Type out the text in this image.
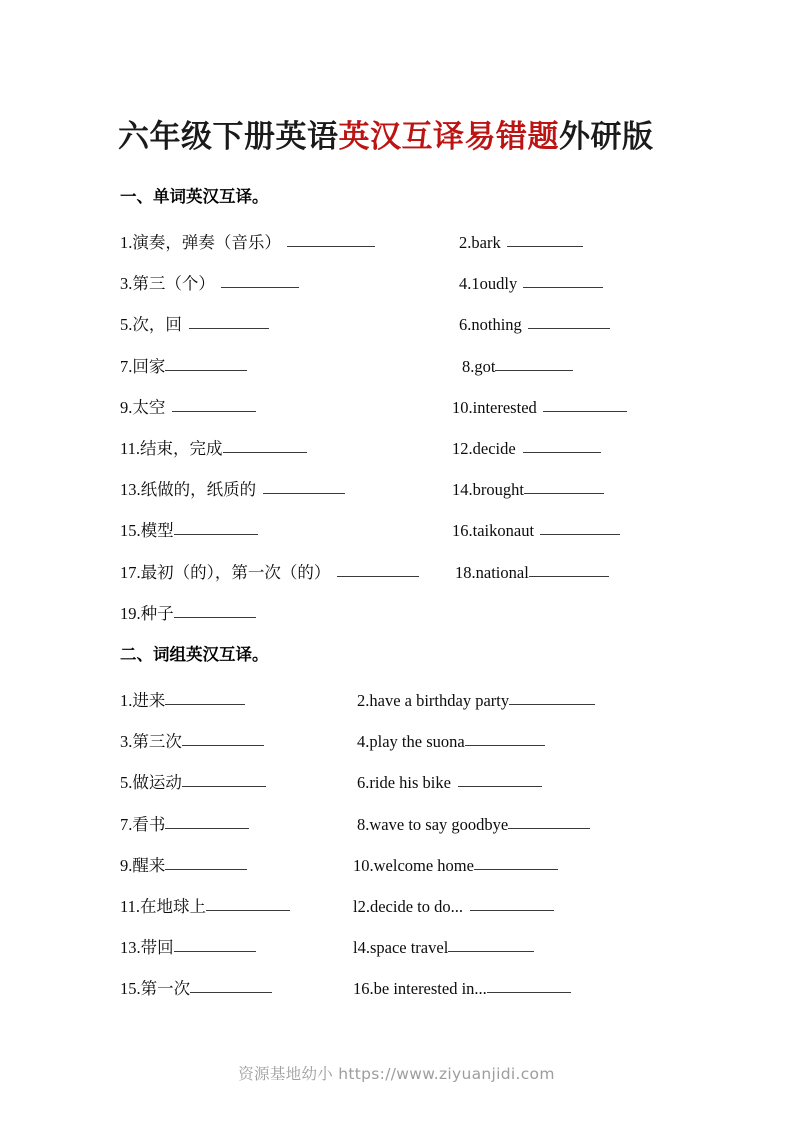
六年级下册英语英汉互译易错题外研版
一、单词英汉互译。
二、词组英汉互译。
1.演奏，弹奏（音乐）	2.bark
3.第三（个）	4.1oudly
5.次，回	6.nothing
7.回家	8.got
9.太空	10.interested
11.结束，完成	12.decide
13.纸做的，纸质的	14.brought
15.模型	16.taikonaut
17.最初（的），第一次（的）	18.national
19.种子
1.进来	2.have a birthday party
3.第三次	4.play the suona
5.做运动	6.ride his bike
7.看书	8.wave to say goodbye
9.醒来	10.welcome home
11.在地球上	l2.decide to do...
13.带回	l4.space travel
15.第一次	16.be interested in...
资源基地幼小 https://www.ziyuanjidi.com
